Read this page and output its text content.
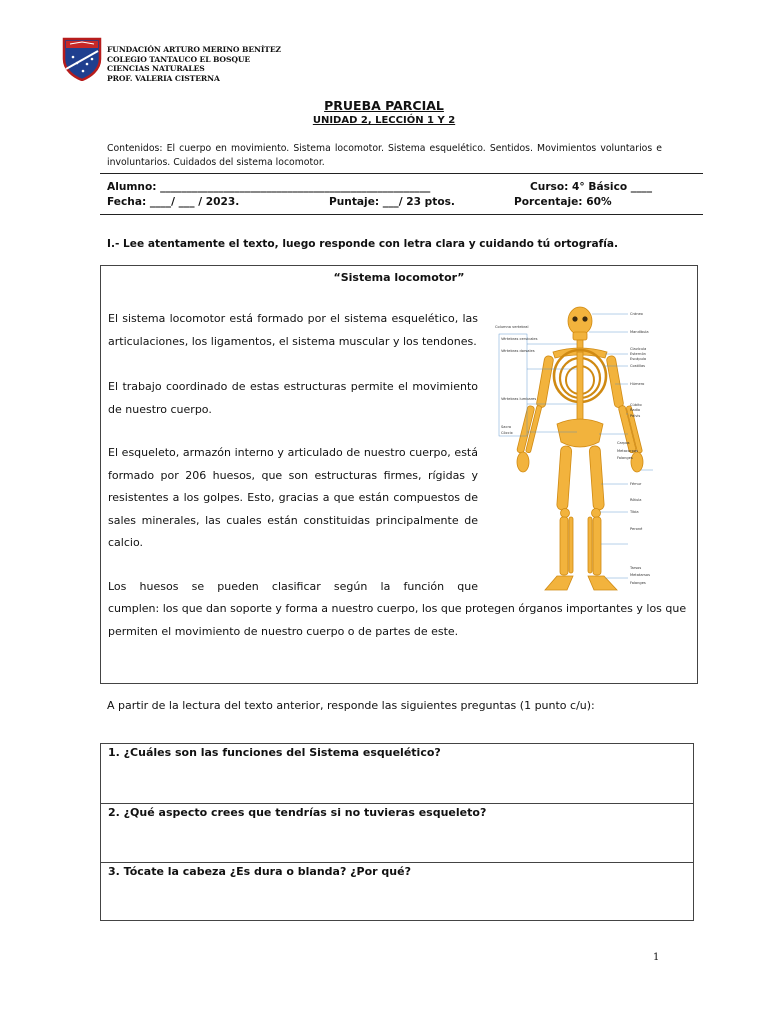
FUNDACIÓN ARTURO MERINO BENÍTEZ
COLEGIO TANTAUCO EL BOSQUE
CIENCIAS NATURALES
PROF. VALERIA CISTERNA
PRUEBA PARCIAL
UNIDAD 2, LECCIÓN 1 Y 2
Contenidos: El cuerpo en movimiento. Sistema locomotor. Sistema esquelético. Sentidos. Movimientos voluntarios e involuntarios. Cuidados del sistema locomotor.
Alumno: ___________________________________________________	Curso: 4° Básico ____
Fecha: ____/ ___ / 2023.	Puntaje: ___/ 23 ptos.	Porcentaje: 60%
I.- Lee atentamente el texto, luego responde con letra clara y cuidando tú ortografía.
“Sistema locomotor”
El sistema locomotor está formado por el sistema esquelético, las articulaciones, los ligamentos, el sistema muscular y los tendones.
El trabajo coordinado de estas estructuras permite el movimiento de nuestro cuerpo.
El esqueleto, armazón interno y articulado de nuestro cuerpo, está formado por 206 huesos, que son estructuras firmes, rígidas y resistentes a los golpes. Esto, gracias a que están compuestos de sales minerales, las cuales están constituidas principalmente de calcio.
Los huesos se pueden clasificar según la función que
cumplen: los que dan soporte y forma a nuestro cuerpo, los que protegen órganos importantes y los que permiten el movimiento de nuestro cuerpo o de partes de este.
Columna vertebral
Vértebras cervicales
Vértebras dorsales
Vértebras lumbares
Sacro
Cóccix
Cráneo
Mandíbula
Clavícula
Esternón
Escápula
Costillas
Húmero
Cúbito
Radio
Pelvis
Carpos
Metacarpos
Falanges
Fémur
Rótula
Tibia
Peroné
Tarsos
Metatarsos
Falanges
A partir de la lectura del texto anterior, responde las siguientes preguntas (1 punto c/u):
1. ¿Cuáles son las funciones del Sistema esquelético?
2. ¿Qué aspecto crees que tendrías si no tuvieras esqueleto?
3. Tócate la cabeza ¿Es dura o blanda? ¿Por qué?
1
